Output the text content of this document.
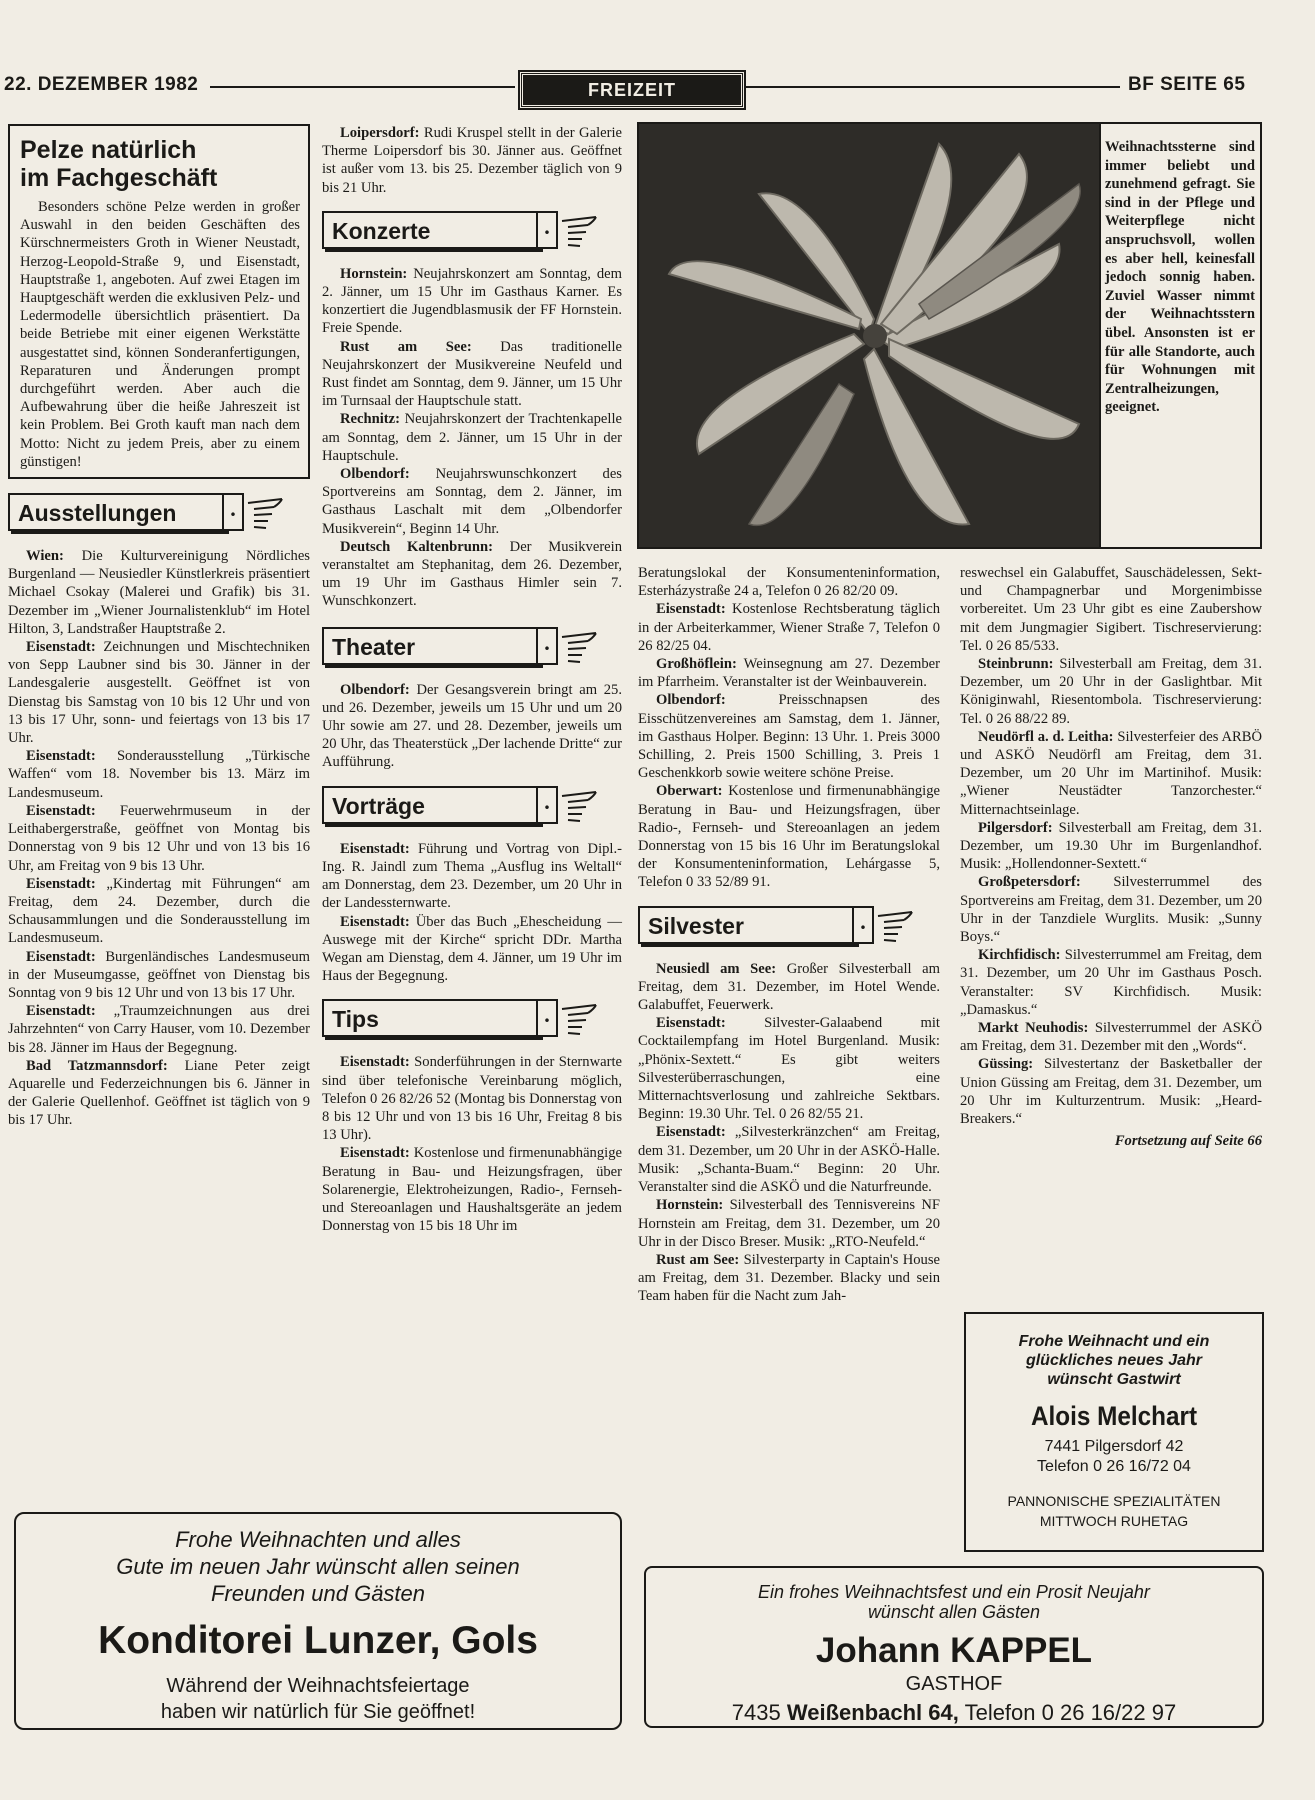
22. DEZEMBER 1982	FREIZEIT	BF SEITE 65
Pelze natürlich
im Fachgeschäft

Besonders schöne Pelze werden in großer Auswahl in den beiden Geschäften des Kürschnermeisters Groth in Wiener Neustadt, Herzog-Leopold-Straße 9, und Eisenstadt, Hauptstraße 1, angeboten. Auf zwei Etagen im Hauptgeschäft werden die exklusiven Pelz- und Ledermodelle übersichtlich präsentiert. Da beide Betriebe mit einer eigenen Werkstätte ausgestattet sind, können Sonderanfertigungen, Reparaturen und Änderungen prompt durchgeführt werden. Aber auch die Aufbewahrung über die heiße Jahreszeit ist kein Problem. Bei Groth kauft man nach dem Motto: Nicht zu jedem Preis, aber zu einem günstigen!

Ausstellungen	.

Wien: Die Kulturvereinigung Nördliches Burgenland — Neusiedler Künstlerkreis präsentiert Michael Csokay (Malerei und Grafik) bis 31. Dezember im „Wiener Journalistenklub“ im Hotel Hilton, 3, Landstraßer Hauptstraße 2.

Eisenstadt: Zeichnungen und Mischtechniken von Sepp Laubner sind bis 30. Jänner in der Landesgalerie ausgestellt. Geöffnet ist von Dienstag bis Samstag von 10 bis 12 Uhr und von 13 bis 17 Uhr, sonn- und feiertags von 13 bis 17 Uhr.

Eisenstadt: Sonderausstellung „Türkische Waffen“ vom 18. November bis 13. März im Landesmuseum.

Eisenstadt: Feuerwehrmuseum in der Leithabergerstraße, geöffnet von Montag bis Donnerstag von 9 bis 12 Uhr und von 13 bis 16 Uhr, am Freitag von 9 bis 13 Uhr.

Eisenstadt: „Kindertag mit Führungen“ am Freitag, dem 24. Dezember, durch die Schausammlungen und die Sonderausstellung im Landesmuseum.

Eisenstadt: Burgenländisches Landesmuseum in der Museumgasse, geöffnet von Dienstag bis Sonntag von 9 bis 12 Uhr und von 13 bis 17 Uhr.

Eisenstadt: „Traumzeichnungen aus drei Jahrzehnten“ von Carry Hauser, vom 10. Dezember bis 28. Jänner im Haus der Begegnung.

Bad Tatzmannsdorf: Liane Peter zeigt Aquarelle und Federzeichnungen bis 6. Jänner in der Galerie Quellenhof. Geöffnet ist täglich von 9 bis 17 Uhr.

Loipersdorf: Rudi Kruspel stellt in der Galerie Therme Loipersdorf bis 30. Jänner aus. Geöffnet ist außer vom 13. bis 25. Dezember täglich von 9 bis 21 Uhr.

Konzerte	.

Hornstein: Neujahrskonzert am Sonntag, dem 2. Jänner, um 15 Uhr im Gasthaus Karner. Es konzertiert die Jugendblasmusik der FF Hornstein. Freie Spende.

Rust am See: Das traditionelle Neujahrskonzert der Musikvereine Neufeld und Rust findet am Sonntag, dem 9. Jänner, um 15 Uhr im Turnsaal der Hauptschule statt.

Rechnitz: Neujahrskonzert der Trachtenkapelle am Sonntag, dem 2. Jänner, um 15 Uhr in der Hauptschule.

Olbendorf: Neujahrswunschkonzert des Sportvereins am Sonntag, dem 2. Jänner, im Gasthaus Laschalt mit dem „Olbendorfer Musikverein“, Beginn 14 Uhr.

Deutsch Kaltenbrunn: Der Musikverein veranstaltet am Stephanitag, dem 26. Dezember, um 19 Uhr im Gasthaus Himler sein 7. Wunschkonzert.

Theater	.

Olbendorf: Der Gesangsverein bringt am 25. und 26. Dezember, jeweils um 15 Uhr und um 20 Uhr sowie am 27. und 28. Dezember, jeweils um 20 Uhr, das Theaterstück „Der lachende Dritte“ zur Aufführung.

Vorträge	.

Eisenstadt: Führung und Vortrag von Dipl.-Ing. R. Jaindl zum Thema „Ausflug ins Weltall“ am Donnerstag, dem 23. Dezember, um 20 Uhr in der Landessternwarte.

Eisenstadt: Über das Buch „Ehescheidung — Auswege mit der Kirche“ spricht DDr. Martha Wegan am Dienstag, dem 4. Jänner, um 19 Uhr im Haus der Begegnung.

Tips	.

Eisenstadt: Sonderführungen in der Sternwarte sind über telefonische Vereinbarung möglich, Telefon 0 26 82/26 52 (Montag bis Donnerstag von 8 bis 12 Uhr und von 13 bis 16 Uhr, Freitag 8 bis 13 Uhr).

Eisenstadt: Kostenlose und firmenunabhängige Beratung in Bau- und Heizungsfragen, über Solarenergie, Elektroheizungen, Radio-, Fernseh- und Stereoanlagen und Haushaltsgeräte an jedem Donnerstag von 15 bis 18 Uhr im

Weihnachtssterne sind immer beliebt und zunehmend gefragt. Sie sind in der Pflege und Weiterpflege nicht anspruchsvoll, wollen es aber hell, keinesfall jedoch sonnig haben. Zuviel Wasser nimmt der Weihnachtsstern übel. Ansonsten ist er für alle Standorte, auch für Wohnungen mit Zentralheizungen, geeignet.

Beratungslokal der Konsumenteninformation, Esterházystraße 24 a, Telefon 0 26 82/20 09.

Eisenstadt: Kostenlose Rechtsberatung täglich in der Arbeiterkammer, Wiener Straße 7, Telefon 0 26 82/25 04.

Großhöflein: Weinsegnung am 27. Dezember im Pfarrheim. Veranstalter ist der Weinbauverein.

Olbendorf:	Preisschnapsen des Eisschützenvereines am Samstag, dem 1. Jänner, im Gasthaus Holper. Beginn: 13 Uhr. 1. Preis 3000 Schilling, 2. Preis 1500 Schilling, 3. Preis 1 Geschenkkorb sowie weitere schöne Preise.

Oberwart: Kostenlose und firmenunabhängige Beratung in Bau- und Heizungsfragen, über Radio-, Fernseh- und Stereoanlagen an jedem Donnerstag von 15 bis 16 Uhr im Beratungslokal der Konsumenteninformation, Lehárgasse 5, Telefon 0 33 52/89 91.

Silvester	.

Neusiedl am See: Großer Silvesterball am Freitag, dem 31. Dezember, im Hotel Wende. Galabuffet, Feuerwerk.

Eisenstadt:	Silvester-Galaabend mit Cocktailempfang im Hotel Burgenland. Musik: „Phönix-Sextett.“ Es gibt weiters Silvesterüberraschungen, eine Mitternachtsverlosung und zahlreiche Sektbars. Beginn: 19.30 Uhr. Tel. 0 26 82/55 21.

Eisenstadt: „Silvesterkränzchen“ am Freitag, dem 31. Dezember, um 20 Uhr in der ASKÖ-Halle. Musik: „Schanta-Buam.“ Beginn: 20 Uhr. Veranstalter sind die ASKÖ und die Naturfreunde.

Hornstein: Silvesterball des Tennisvereins NF Hornstein am Freitag, dem 31. Dezember, um 20 Uhr in der Disco Breser. Musik: „RTO-Neufeld.“

Rust am See: Silvesterparty in Captain's House am Freitag, dem 31. Dezember. Blacky und sein Team haben für die Nacht zum Jah-

reswechsel ein Galabuffet, Sauschädelessen, Sekt- und Champagnerbar und Morgenimbisse vorbereitet. Um 23 Uhr gibt es eine Zaubershow mit dem Jungmagier Sigibert. Tischreservierung: Tel. 0 26 85/533.

Steinbrunn: Silvesterball am Freitag, dem 31. Dezember, um 20 Uhr in der Gaslightbar. Mit Königinwahl, Riesentombola. Tischreservierung: Tel. 0 26 88/22 89.

Neudörfl a. d. Leitha: Silvesterfeier des ARBÖ und ASKÖ Neudörfl am Freitag, dem 31. Dezember, um 20 Uhr im Martinihof. Musik: „Wiener Neustädter Tanzorchester.“ Mitternachtseinlage.

Pilgersdorf: Silvesterball am Freitag, dem 31. Dezember, um 19.30 Uhr im Burgenlandhof. Musik: „Hollendonner-Sextett.“

Großpetersdorf: Silvesterrummel des Sportvereins am Freitag, dem 31. Dezember, um 20 Uhr in der Tanzdiele Wurglits. Musik: „Sunny Boys.“

Kirchfidisch: Silvesterrummel am Freitag, dem 31. Dezember, um 20 Uhr im Gasthaus Posch. Veranstalter: SV Kirchfidisch. Musik: „Damaskus.“

Markt Neuhodis: Silvesterrummel der ASKÖ am Freitag, dem 31. Dezember mit den „Words“.

Güssing: Silvestertanz der Basketballer der Union Güssing am Freitag, dem 31. Dezember, um 20 Uhr im Kulturzentrum. Musik: „Heard-Breakers.“

Fortsetzung auf Seite 66
Frohe Weihnachten und alles
Gute im neuen Jahr wünscht allen seinen
Freunden und Gästen
Konditorei Lunzer, Gols
Während der Weihnachtsfeiertage
haben wir natürlich für Sie geöffnet!
Frohe Weihnacht und ein
glückliches neues Jahr
wünscht Gastwirt
Alois Melchart
7441 Pilgersdorf 42
Telefon 0 26 16/72 04
PANNONISCHE SPEZIALITÄTEN
MITTWOCH RUHETAG
Ein frohes Weihnachtsfest und ein Prosit Neujahr
wünscht allen Gästen
Johann KAPPEL
GASTHOF
7435 Weißenbachl 64, Telefon 0 26 16/22 97
